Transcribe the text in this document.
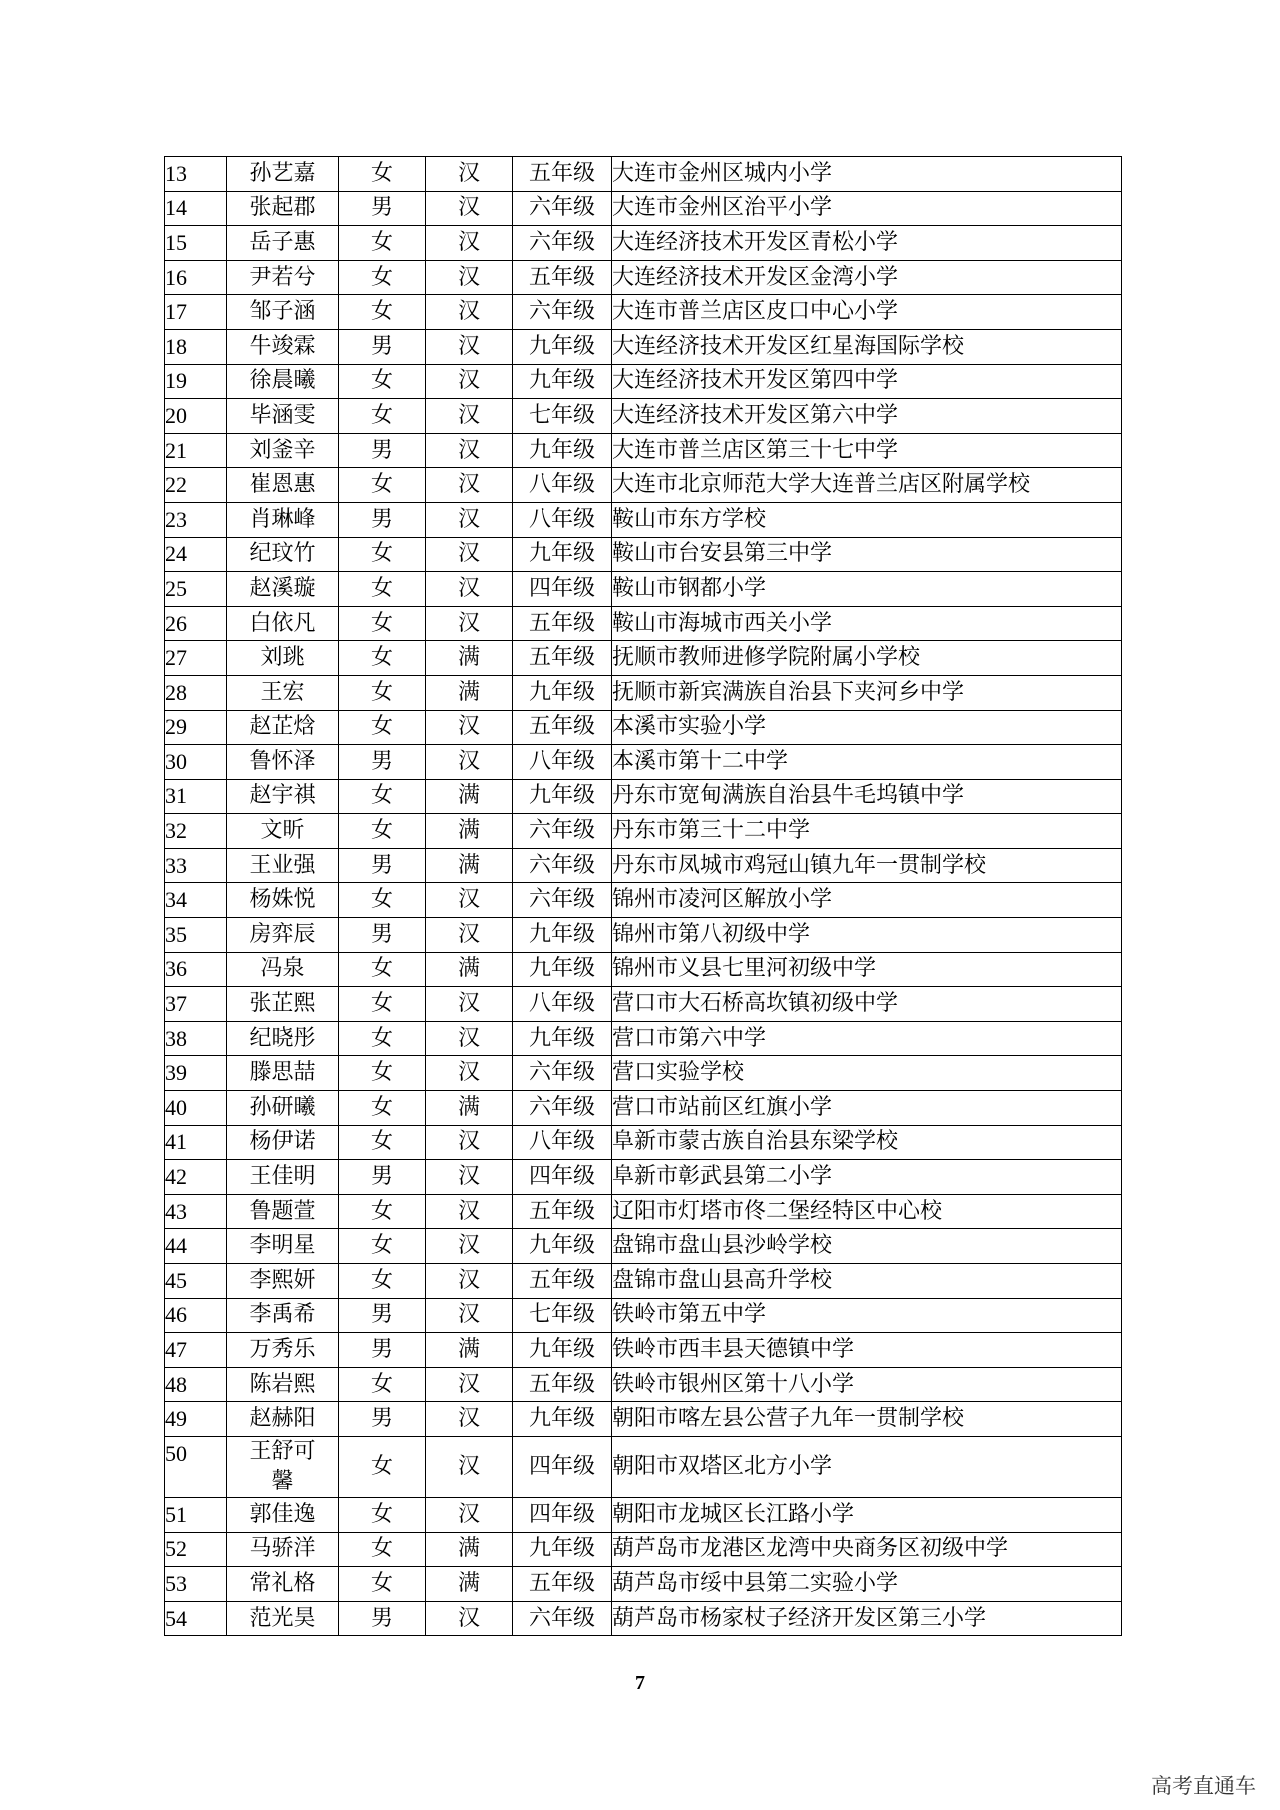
13	孙艺嘉	女	汉	五年级	大连市金州区城内小学
14	张起郡	男	汉	六年级	大连市金州区治平小学
15	岳子惠	女	汉	六年级	大连经济技术开发区青松小学
16	尹若兮	女	汉	五年级	大连经济技术开发区金湾小学
17	邹子涵	女	汉	六年级	大连市普兰店区皮口中心小学
18	牛竣霖	男	汉	九年级	大连经济技术开发区红星海国际学校
19	徐晨曦	女	汉	九年级	大连经济技术开发区第四中学
20	毕涵雯	女	汉	七年级	大连经济技术开发区第六中学
21	刘釜辛	男	汉	九年级	大连市普兰店区第三十七中学
22	崔恩惠	女	汉	八年级	大连市北京师范大学大连普兰店区附属学校
23	肖琳峰	男	汉	八年级	鞍山市东方学校
24	纪玟竹	女	汉	九年级	鞍山市台安县第三中学
25	赵溪璇	女	汉	四年级	鞍山市钢都小学
26	白依凡	女	汉	五年级	鞍山市海城市西关小学
27	刘珧	女	满	五年级	抚顺市教师进修学院附属小学校
28	王宏	女	满	九年级	抚顺市新宾满族自治县下夹河乡中学
29	赵芷焓	女	汉	五年级	本溪市实验小学
30	鲁怀泽	男	汉	八年级	本溪市第十二中学
31	赵宇祺	女	满	九年级	丹东市宽甸满族自治县牛毛坞镇中学
32	文昕	女	满	六年级	丹东市第三十二中学
33	王业强	男	满	六年级	丹东市凤城市鸡冠山镇九年一贯制学校
34	杨姝悦	女	汉	六年级	锦州市凌河区解放小学
35	房弈辰	男	汉	九年级	锦州市第八初级中学
36	冯泉	女	满	九年级	锦州市义县七里河初级中学
37	张芷熙	女	汉	八年级	营口市大石桥高坎镇初级中学
38	纪晓彤	女	汉	九年级	营口市第六中学
39	滕思喆	女	汉	六年级	营口实验学校
40	孙研曦	女	满	六年级	营口市站前区红旗小学
41	杨伊诺	女	汉	八年级	阜新市蒙古族自治县东梁学校
42	王佳明	男	汉	四年级	阜新市彰武县第二小学
43	鲁题萱	女	汉	五年级	辽阳市灯塔市佟二堡经特区中心校
44	李明星	女	汉	九年级	盘锦市盘山县沙岭学校
45	李熙妍	女	汉	五年级	盘锦市盘山县高升学校
46	李禹希	男	汉	七年级	铁岭市第五中学
47	万秀乐	男	满	九年级	铁岭市西丰县天德镇中学
48	陈岩熙	女	汉	五年级	铁岭市银州区第十八小学
49	赵赫阳	男	汉	九年级	朝阳市喀左县公营子九年一贯制学校
50	王舒可馨	女	汉	四年级	朝阳市双塔区北方小学
51	郭佳逸	女	汉	四年级	朝阳市龙城区长江路小学
52	马骄洋	女	满	九年级	葫芦岛市龙港区龙湾中央商务区初级中学
53	常礼格	女	满	五年级	葫芦岛市绥中县第二实验小学
54	范光昊	男	汉	六年级	葫芦岛市杨家杖子经济开发区第三小学
7
高考直通车
